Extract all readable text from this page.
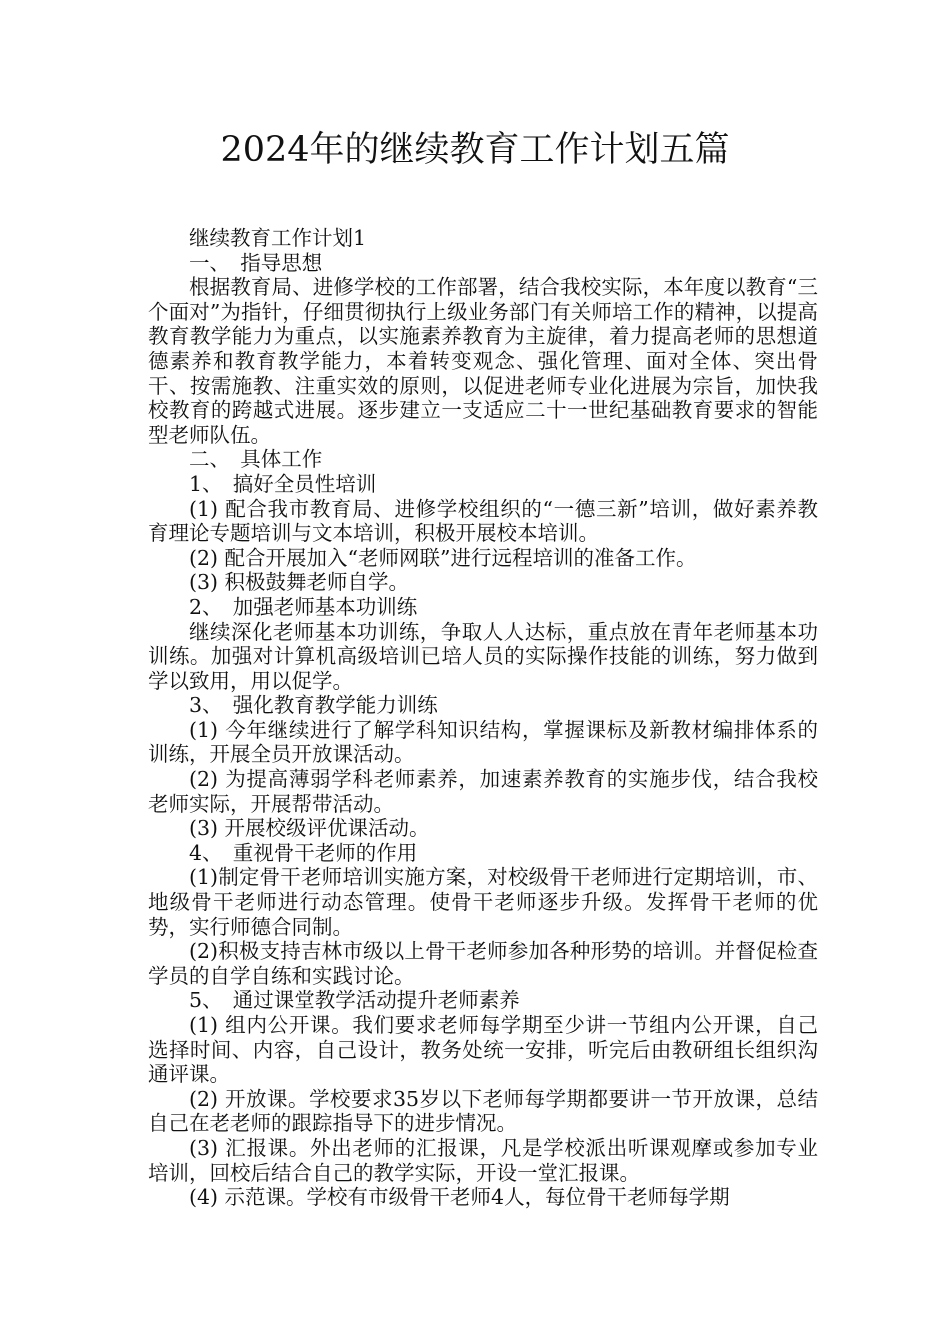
2024年的继续教育工作计划五篇

继续教育工作计划1

一、　指导思想

根据教育局、进修学校的工作部署，结合我校实际，本年度以教育“三个面对”为指针，仔细贯彻执行上级业务部门有关师培工作的精神，以提高教育教学能力为重点，以实施素养教育为主旋律，着力提高老师的思想道德素养和教育教学能力，本着转变观念、强化管理、面对全体、突出骨干、按需施教、注重实效的原则，以促进老师专业化进展为宗旨，加快我校教育的跨越式进展。逐步建立一支适应二十一世纪基础教育要求的智能型老师队伍。

二、　具体工作

1、　搞好全员性培训

(1) 配合我市教育局、进修学校组织的“一德三新”培训，做好素养教育理论专题培训与文本培训，积极开展校本培训。

(2) 配合开展加入“老师网联”进行远程培训的准备工作。

(3) 积极鼓舞老师自学。

2、　加强老师基本功训练

继续深化老师基本功训练，争取人人达标，重点放在青年老师基本功训练。加强对计算机高级培训已培人员的实际操作技能的训练，努力做到学以致用，用以促学。

3、　强化教育教学能力训练

(1) 今年继续进行了解学科知识结构，掌握课标及新教材编排体系的训练，开展全员开放课活动。

(2) 为提高薄弱学科老师素养，加速素养教育的实施步伐，结合我校老师实际，开展帮带活动。

(3) 开展校级评优课活动。

4、　重视骨干老师的作用

(1)制定骨干老师培训实施方案，对校级骨干老师进行定期培训，市、地级骨干老师进行动态管理。使骨干老师逐步升级。发挥骨干老师的优势，实行师德合同制。

(2)积极支持吉林市级以上骨干老师参加各种形势的培训。并督促检查学员的自学自练和实践讨论。

5、　通过课堂教学活动提升老师素养

(1) 组内公开课。我们要求老师每学期至少讲一节组内公开课，自己选择时间、内容，自己设计，教务处统一安排，听完后由教研组长组织沟通评课。

(2) 开放课。学校要求35岁以下老师每学期都要讲一节开放课，总结自己在老老师的跟踪指导下的进步情况。

(3) 汇报课。外出老师的汇报课，凡是学校派出听课观摩或参加专业培训，回校后结合自己的教学实际，开设一堂汇报课。

(4) 示范课。学校有市级骨干老师4人，每位骨干老师每学期
